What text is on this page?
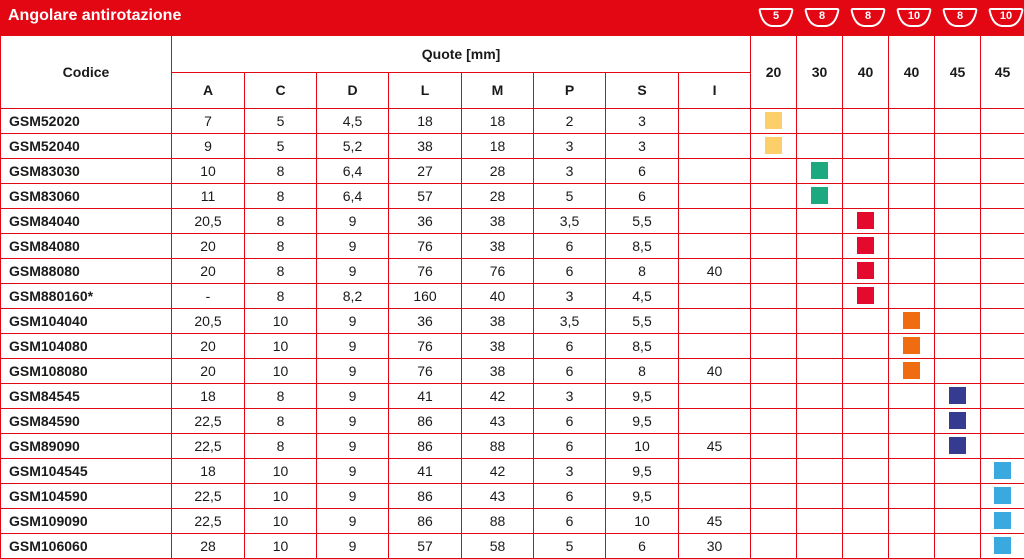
Angolare antirotazione	5	8	8	10	8	10
Codice	Quote [mm]								20	30	40	40	45	45
	A	C	D	L	M	P	S	I						
GSM52020	7	5	4,5	18	18	2	3							
GSM52040	9	5	5,2	38	18	3	3							
GSM83030	10	8	6,4	27	28	3	6							
GSM83060	11	8	6,4	57	28	5	6							
GSM84040	20,5	8	9	36	38	3,5	5,5							
GSM84080	20	8	9	76	38	6	8,5							
GSM88080	20	8	9	76	76	6	8	40						
GSM880160*	-	8	8,2	160	40	3	4,5							
GSM104040	20,5	10	9	36	38	3,5	5,5							
GSM104080	20	10	9	76	38	6	8,5							
GSM108080	20	10	9	76	38	6	8	40						
GSM84545	18	8	9	41	42	3	9,5							
GSM84590	22,5	8	9	86	43	6	9,5							
GSM89090	22,5	8	9	86	88	6	10	45						
GSM104545	18	10	9	41	42	3	9,5							
GSM104590	22,5	10	9	86	43	6	9,5							
GSM109090	22,5	10	9	86	88	6	10	45						
GSM106060	28	10	9	57	58	5	6	30						
